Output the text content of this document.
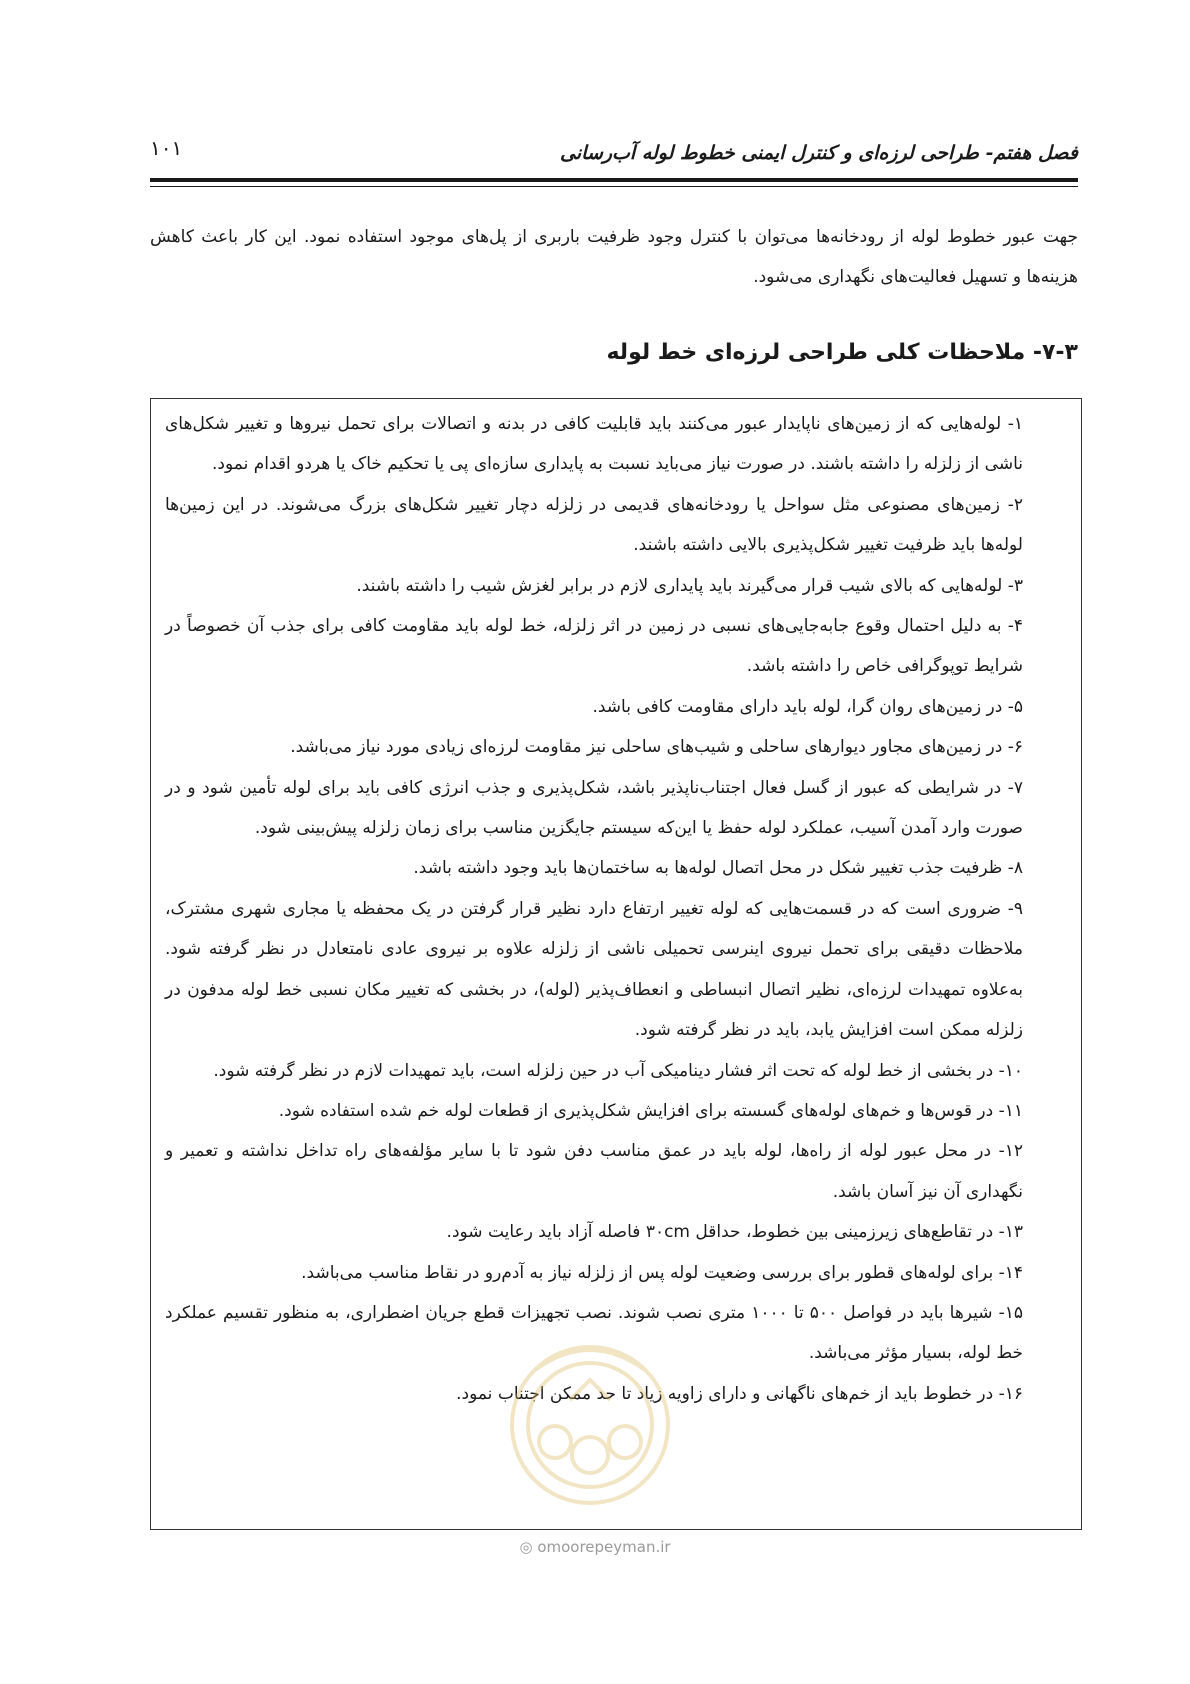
فصل هفتم- طراحی لرزه‌ای و کنترل ایمنی خطوط لوله آب‌رسانی
۱۰۱

جهت عبور خطوط لوله از رودخانه‌ها می‌توان با کنترل وجود ظرفیت باربری از پل‌های موجود استفاده نمود. این کار باعث کاهش هزینه‌ها و تسهیل فعالیت‌های نگهداری می‌شود.

۷-۳- ملاحظات کلی طراحی لرزه‌ای خط لوله
۱- لوله‌هایی که از زمین‌های ناپایدار عبور می‌کنند باید قابلیت کافی در بدنه و اتصالات برای تحمل نیروها و تغییر شکل‌های ناشی از زلزله را داشته باشند. در صورت نیاز می‌باید نسبت به پایداری سازه‌ای پی یا تحکیم خاک یا هردو اقدام نمود.
۲- زمین‌های مصنوعی مثل سواحل یا رودخانه‌های قدیمی در زلزله دچار تغییر شکل‌های بزرگ می‌شوند. در این زمین‌ها لوله‌ها باید ظرفیت تغییر شکل‌پذیری بالایی داشته باشند.
۳- لوله‌هایی که بالای شیب قرار می‌گیرند باید پایداری لازم در برابر لغزش شیب را داشته باشند.
۴- به دلیل احتمال وقوع جابه‌جایی‌های نسبی در زمین در اثر زلزله، خط لوله باید مقاومت کافی برای جذب آن خصوصاً در شرایط توپوگرافی خاص را داشته باشد.
۵- در زمین‌های روان گرا، لوله باید دارای مقاومت کافی باشد.
۶- در زمین‌های مجاور دیوارهای ساحلی و شیب‌های ساحلی نیز مقاومت لرزه‌ای زیادی مورد نیاز می‌باشد.
۷- در شرایطی که عبور از گسل فعال اجتناب‌ناپذیر باشد، شکل‌پذیری و جذب انرژی کافی باید برای لوله تأمین شود و در صورت وارد آمدن آسیب، عملکرد لوله حفظ یا این‌که سیستم جایگزین مناسب برای زمان زلزله پیش‌بینی شود.
۸- ظرفیت جذب تغییر شکل در محل اتصال لوله‌ها به ساختمان‌ها باید وجود داشته باشد.
۹- ضروری است که در قسمت‌هایی که لوله تغییر ارتفاع دارد نظیر قرار گرفتن در یک محفظه یا مجاری شهری مشترک، ملاحظات دقیقی برای تحمل نیروی اینرسی تحمیلی ناشی از زلزله علاوه بر نیروی عادی نامتعادل در نظر گرفته شود. به‌علاوه تمهیدات لرزه‌ای، نظیر اتصال انبساطی و انعطاف‌پذیر (لوله)، در بخشی که تغییر مکان نسبی خط لوله مدفون در زلزله ممکن است افزایش یابد، باید در نظر گرفته شود.
۱۰- در بخشی از خط لوله که تحت اثر فشار دینامیکی آب در حین زلزله است، باید تمهیدات لازم در نظر گرفته شود.
۱۱- در قوس‌ها و خم‌های لوله‌های گسسته برای افزایش شکل‌پذیری از قطعات لوله خم شده استفاده شود.
۱۲- در محل عبور لوله از راه‌ها، لوله باید در عمق مناسب دفن شود تا با سایر مؤلفه‌های راه تداخل نداشته و تعمیر و نگهداری آن نیز آسان باشد.
۱۳- در تقاطع‌های زیرزمینی بین خطوط، حداقل ۳۰cm فاصله آزاد باید رعایت شود.
۱۴- برای لوله‌های قطور برای بررسی وضعیت لوله پس از زلزله نیاز به آدم‌رو در نقاط مناسب می‌باشد.
۱۵- شیرها باید در فواصل ۵۰۰ تا ۱۰۰۰ متری نصب شوند. نصب تجهیزات قطع جریان اضطراری، به منظور تقسیم عملکرد خط لوله، بسیار مؤثر می‌باشد.
۱۶- در خطوط باید از خم‌های ناگهانی و دارای زاویه زیاد تا حد ممکن اجتناب نمود.
◎ omoorepeyman.ir
